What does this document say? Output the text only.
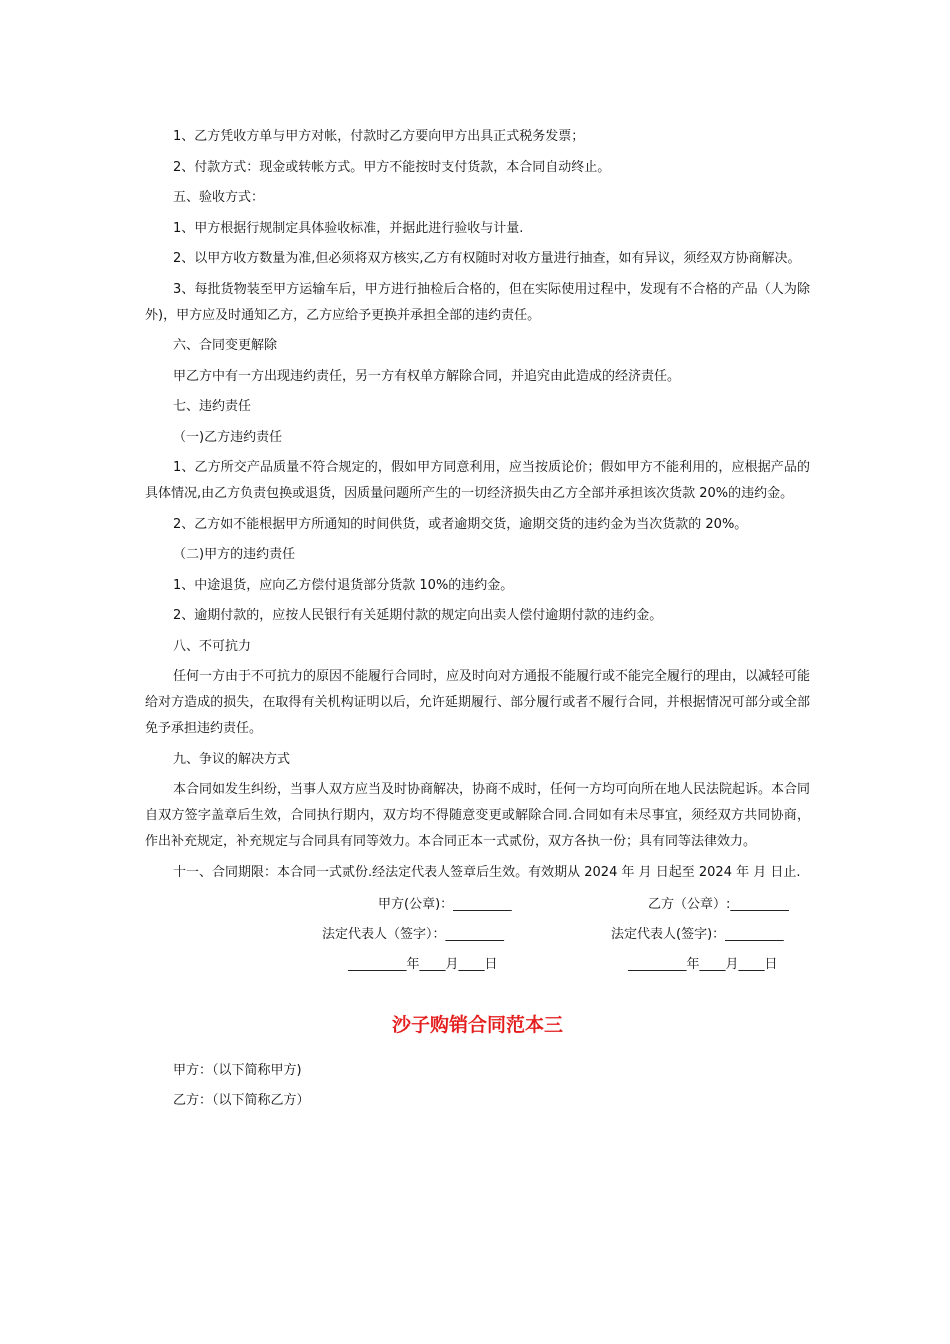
1、乙方凭收方单与甲方对帐，付款时乙方要向甲方出具正式税务发票；

2、付款方式：现金或转帐方式。甲方不能按时支付货款，本合同自动终止。

五、验收方式：

1、甲方根据行规制定具体验收标准，并据此进行验收与计量.

2、以甲方收方数量为准,但必须将双方核实,乙方有权随时对收方量进行抽查，如有异议，须经双方协商解决。

3、每批货物装至甲方运输车后，甲方进行抽检后合格的，但在实际使用过程中，发现有不合格的产品（人为除外)，甲方应及时通知乙方，乙方应给予更换并承担全部的违约责任。

六、合同变更解除

甲乙方中有一方出现违约责任，另一方有权单方解除合同，并追究由此造成的经济责任。

七、违约责任

（一)乙方违约责任

1、乙方所交产品质量不符合规定的，假如甲方同意利用，应当按质论价；假如甲方不能利用的，应根据产品的具体情况,由乙方负责包换或退货，因质量问题所产生的一切经济损失由乙方全部并承担该次货款 20%的违约金。

2、乙方如不能根据甲方所通知的时间供货，或者逾期交货，逾期交货的违约金为当次货款的 20%。

（二)甲方的违约责任

1、中途退货，应向乙方偿付退货部分货款 10%的违约金。

2、逾期付款的，应按人民银行有关延期付款的规定向出卖人偿付逾期付款的违约金。

八、不可抗力

任何一方由于不可抗力的原因不能履行合同时，应及时向对方通报不能履行或不能完全履行的理由，以减轻可能给对方造成的损失，在取得有关机构证明以后，允许延期履行、部分履行或者不履行合同，并根据情况可部分或全部免予承担违约责任。

九、争议的解决方式

本合同如发生纠纷，当事人双方应当及时协商解决，协商不成时，任何一方均可向所在地人民法院起诉。本合同自双方签字盖章后生效，合同执行期内，双方均不得随意变更或解除合同.合同如有未尽事宜，须经双方共同协商，作出补充规定，补充规定与合同具有同等效力。本合同正本一式贰份，双方各执一份；具有同等法律效力。

十一、合同期限：本合同一式贰份.经法定代表人签章后生效。有效期从 2024 年 月 日起至 2024 年 月 日止.

甲方(公章)：_________	乙方（公章）:_________
法定代表人（签字）：_________	法定代表人(签字)：_________
_________年____月____日	_________年____月____日
沙子购销合同范本三

甲方：（以下简称甲方)

乙方：（以下简称乙方）
